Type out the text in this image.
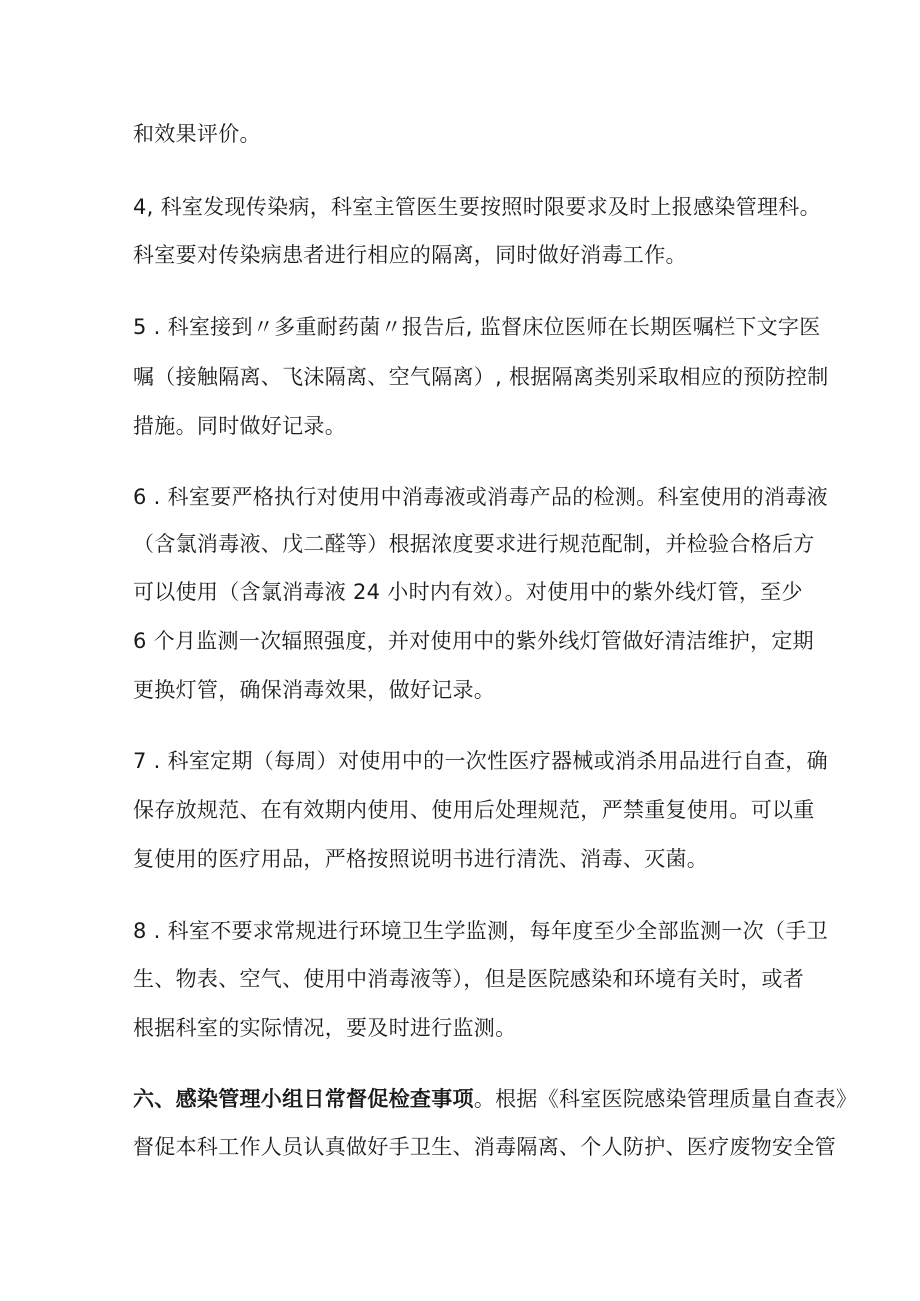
和效果评价。
4, 科室发现传染病，科室主管医生要按照时限要求及时上报感染管理科。
科室要对传染病患者进行相应的隔离，同时做好消毒工作。
5 . 科室接到〃多重耐药菌〃报告后, 监督床位医师在长期医嘱栏下文字医
嘱（接触隔离、飞沫隔离、空气隔离）, 根据隔离类别采取相应的预防控制
措施。同时做好记录。
6 . 科室要严格执行对使用中消毒液或消毒产品的检测。科室使用的消毒液
（含氯消毒液、戊二醛等）根据浓度要求进行规范配制，并检验合格后方
可以使用（含氯消毒液 24 小时内有效）。对使用中的紫外线灯管，至少
6 个月监测一次辐照强度，并对使用中的紫外线灯管做好清洁维护，定期
更换灯管，确保消毒效果，做好记录。
7 . 科室定期（每周）对使用中的一次性医疗器械或消杀用品进行自查，确
保存放规范、在有效期内使用、使用后处理规范，严禁重复使用。可以重
复使用的医疗用品，严格按照说明书进行清洗、消毒、灭菌。
8 . 科室不要求常规进行环境卫生学监测，每年度至少全部监测一次（手卫
生、物表、空气、使用中消毒液等），但是医院感染和环境有关时，或者
根据科室的实际情况，要及时进行监测。
六、感染管理小组日常督促检查事项。根据《科室医院感染管理质量自查表》
督促本科工作人员认真做好手卫生、消毒隔离、个人防护、医疗废物安全管
